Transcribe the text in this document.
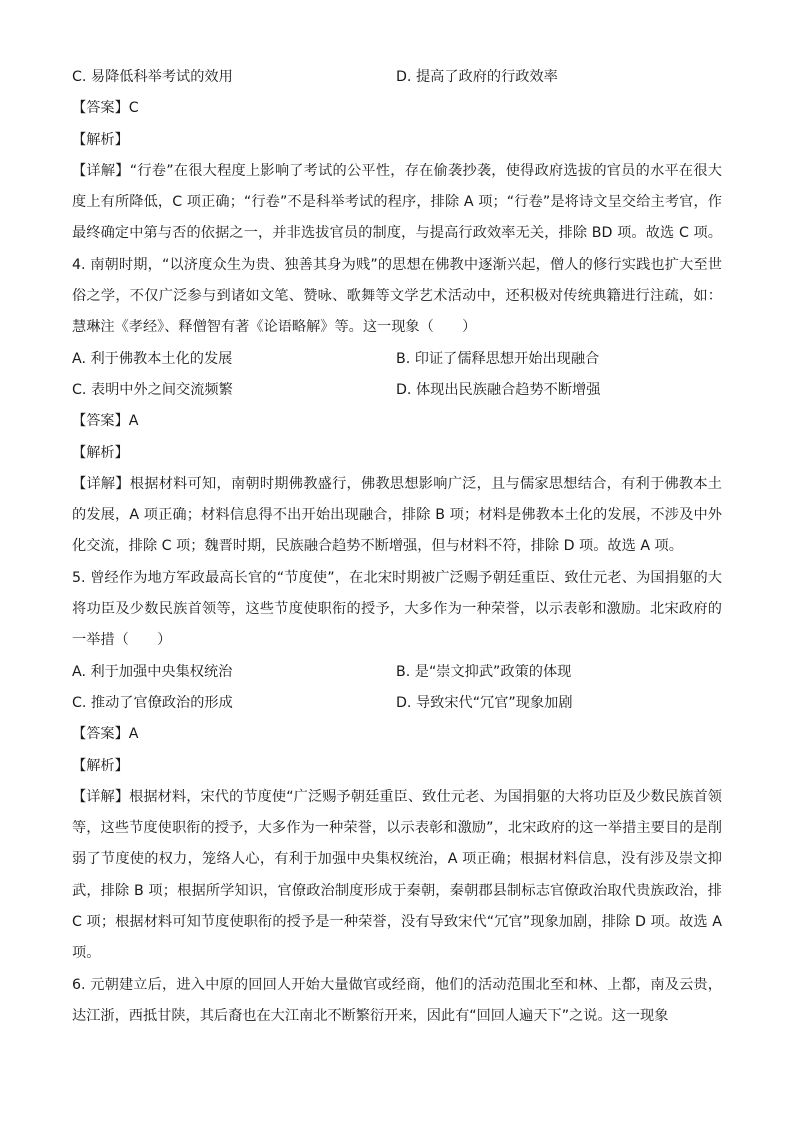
C. 易降低科举考试的效用	D. 提高了政府的行政效率
【答案】C
【解析】
【详解】“行卷”在很大程度上影响了考试的公平性，存在偷袭抄袭，使得政府选拔的官员的水平在很大
度上有所降低，C 项正确；“行卷”不是科举考试的程序，排除 A 项；“行卷”是将诗文呈交给主考官，作
最终确定中第与否的依据之一，并非选拔官员的制度，与提高行政效率无关，排除 BD 项。故选 C 项。
4. 南朝时期，“以济度众生为贵、独善其身为贱”的思想在佛教中逐渐兴起，僧人的修行实践也扩大至世
俗之学，不仅广泛参与到诸如文笔、赞咏、歌舞等文学艺术活动中，还积极对传统典籍进行注疏，如：
慧琳注《孝经》、释僧智有著《论语略解》等。这一现象（　　）
A. 利于佛教本土化的发展	B. 印证了儒释思想开始出现融合
C. 表明中外之间交流频繁	D. 体现出民族融合趋势不断增强
【答案】A
【解析】
【详解】根据材料可知，南朝时期佛教盛行，佛教思想影响广泛，且与儒家思想结合，有利于佛教本土
的发展，A 项正确；材料信息得不出开始出现融合，排除 B 项；材料是佛教本土化的发展，不涉及中外
化交流，排除 C 项；魏晋时期，民族融合趋势不断增强，但与材料不符，排除 D 项。故选 A 项。
5. 曾经作为地方军政最高长官的“节度使”，在北宋时期被广泛赐予朝廷重臣、致仕元老、为国捐躯的大
将功臣及少数民族首领等，这些节度使职衔的授予，大多作为一种荣誉，以示表彰和激励。北宋政府的
一举措（　　）
A. 利于加强中央集权统治	B. 是“崇文抑武”政策的体现
C. 推动了官僚政治的形成	D. 导致宋代“冗官”现象加剧
【答案】A
【解析】
【详解】根据材料，宋代的节度使“广泛赐予朝廷重臣、致仕元老、为国捐躯的大将功臣及少数民族首领
等，这些节度使职衔的授予，大多作为一种荣誉，以示表彰和激励”，北宋政府的这一举措主要目的是削
弱了节度使的权力，笼络人心，有利于加强中央集权统治，A 项正确；根据材料信息，没有涉及崇文抑
武，排除 B 项；根据所学知识，官僚政治制度形成于秦朝，秦朝郡县制标志官僚政治取代贵族政治，排
C 项；根据材料可知节度使职衔的授予是一种荣誉，没有导致宋代“冗官”现象加剧，排除 D 项。故选 A
项。
6. 元朝建立后，进入中原的回回人开始大量做官或经商，他们的活动范围北至和林、上都，南及云贵，
达江浙，西抵甘陕，其后裔也在大江南北不断繁衍开来，因此有“回回人遍天下”之说。这一现象
